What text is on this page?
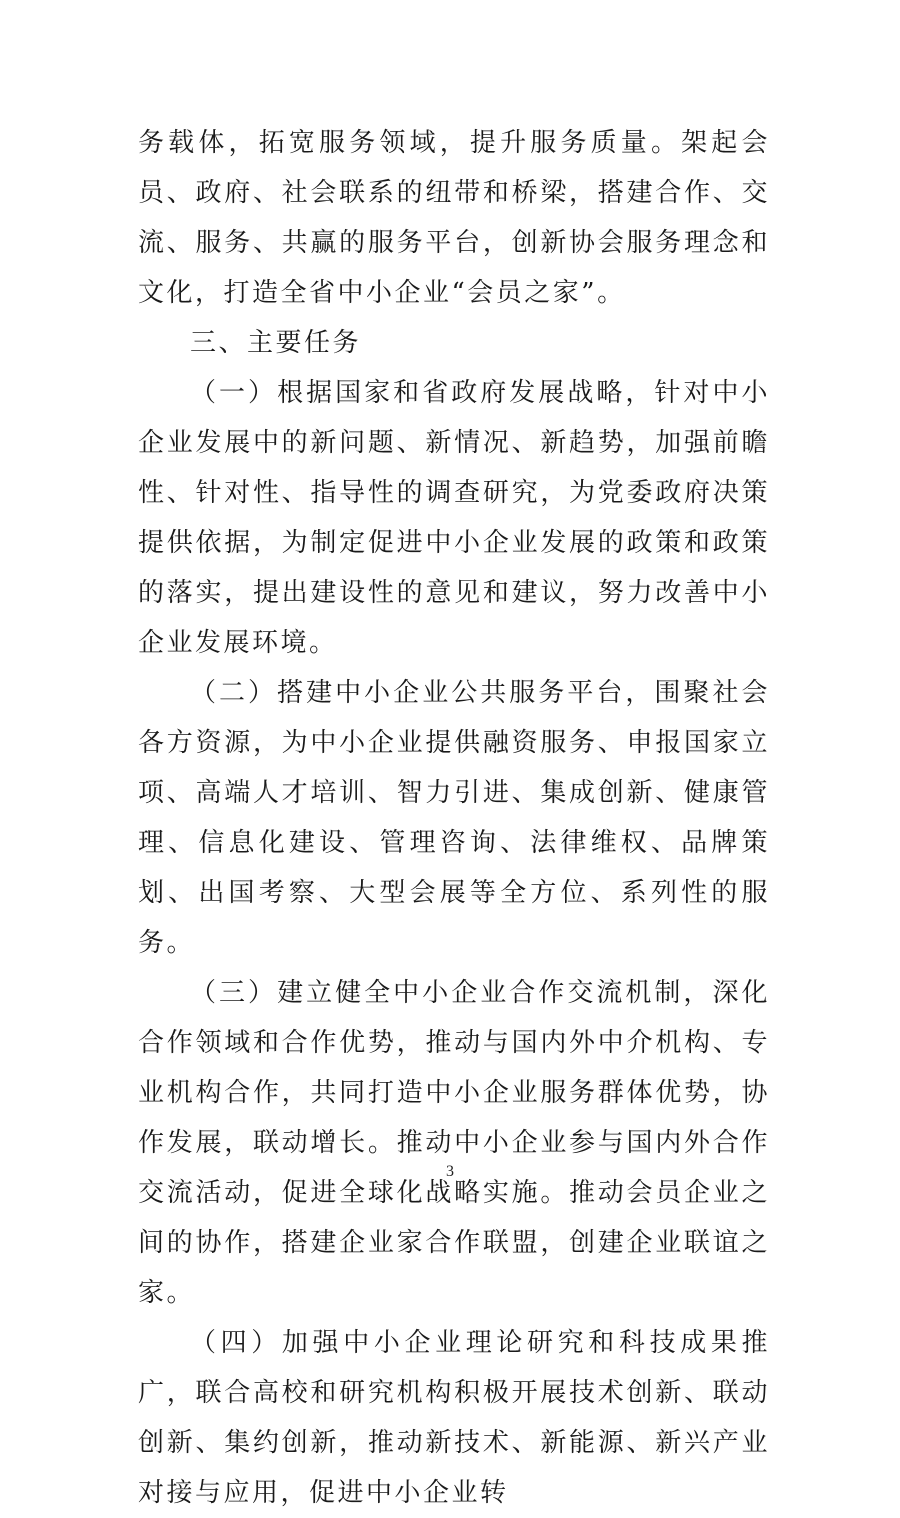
务载体，拓宽服务领域，提升服务质量。架起会员、政府、社会联系的纽带和桥梁，搭建合作、交流、服务、共赢的服务平台，创新协会服务理念和文化，打造全省中小企业“会员之家”。

三、主要任务

（一）根据国家和省政府发展战略，针对中小企业发展中的新问题、新情况、新趋势，加强前瞻性、针对性、指导性的调查研究，为党委政府决策提供依据，为制定促进中小企业发展的政策和政策的落实，提出建设性的意见和建议，努力改善中小企业发展环境。

（二）搭建中小企业公共服务平台，围聚社会各方资源，为中小企业提供融资服务、申报国家立项、高端人才培训、智力引进、集成创新、健康管理、信息化建设、管理咨询、法律维权、品牌策划、出国考察、大型会展等全方位、系列性的服务。

（三）建立健全中小企业合作交流机制，深化合作领域和合作优势，推动与国内外中介机构、专业机构合作，共同打造中小企业服务群体优势，协作发展，联动增长。推动中小企业参与国内外合作交流活动，促进全球化战略实施。推动会员企业之间的协作，搭建企业家合作联盟，创建企业联谊之家。

（四）加强中小企业理论研究和科技成果推广，联合高校和研究机构积极开展技术创新、联动创新、集约创新，推动新技术、新能源、新兴产业对接与应用，促进中小企业转

3
